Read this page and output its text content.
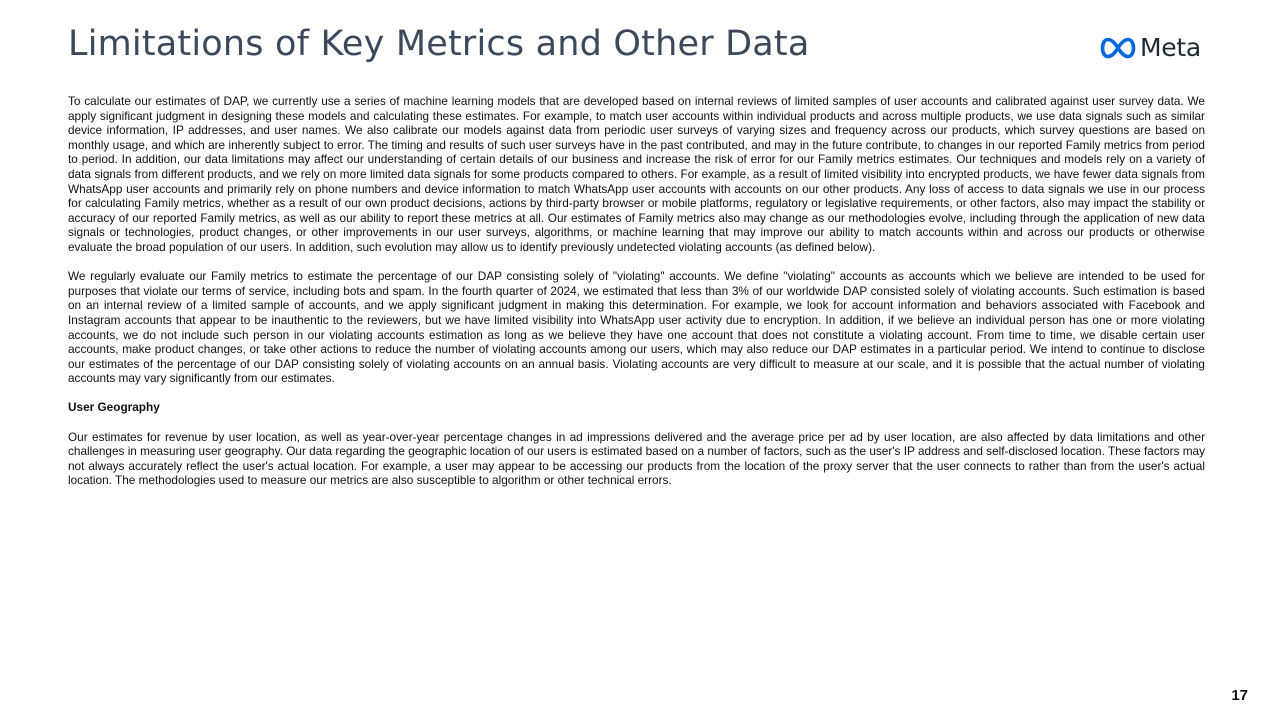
Limitations of Key Metrics and Other Data	Meta

To calculate our estimates of DAP, we currently use a series of machine learning models that are developed based on internal reviews of limited samples of user accounts and calibrated against user survey data. We apply significant judgment in designing these models and calculating these estimates. For example, to match user accounts within individual products and across multiple products, we use data signals such as similar device information, IP addresses, and user names. We also calibrate our models against data from periodic user surveys of varying sizes and frequency across our products, which survey questions are based on monthly usage, and which are inherently subject to error. The timing and results of such user surveys have in the past contributed, and may in the future contribute, to changes in our reported Family metrics from period to period. In addition, our data limitations may affect our understanding of certain details of our business and increase the risk of error for our Family metrics estimates. Our techniques and models rely on a variety of data signals from different products, and we rely on more limited data signals for some products compared to others. For example, as a result of limited visibility into encrypted products, we have fewer data signals from WhatsApp user accounts and primarily rely on phone numbers and device information to match WhatsApp user accounts with accounts on our other products. Any loss of access to data signals we use in our process for calculating Family metrics, whether as a result of our own product decisions, actions by third-party browser or mobile platforms, regulatory or legislative requirements, or other factors, also may impact the stability or accuracy of our reported Family metrics, as well as our ability to report these metrics at all. Our estimates of Family metrics also may change as our methodologies evolve, including through the application of new data signals or technologies, product changes, or other improvements in our user surveys, algorithms, or machine learning that may improve our ability to match accounts within and across our products or otherwise evaluate the broad population of our users. In addition, such evolution may allow us to identify previously undetected violating accounts (as defined below).

We regularly evaluate our Family metrics to estimate the percentage of our DAP consisting solely of "violating" accounts. We define "violating" accounts as accounts which we believe are intended to be used for purposes that violate our terms of service, including bots and spam. In the fourth quarter of 2024, we estimated that less than 3% of our worldwide DAP consisted solely of violating accounts. Such estimation is based on an internal review of a limited sample of accounts, and we apply significant judgment in making this determination. For example, we look for account information and behaviors associated with Facebook and Instagram accounts that appear to be inauthentic to the reviewers, but we have limited visibility into WhatsApp user activity due to encryption. In addition, if we believe an individual person has one or more violating accounts, we do not include such person in our violating accounts estimation as long as we believe they have one account that does not constitute a violating account. From time to time, we disable certain user accounts, make product changes, or take other actions to reduce the number of violating accounts among our users, which may also reduce our DAP estimates in a particular period. We intend to continue to disclose our estimates of the percentage of our DAP consisting solely of violating accounts on an annual basis. Violating accounts are very difficult to measure at our scale, and it is possible that the actual number of violating accounts may vary significantly from our estimates.

User Geography

Our estimates for revenue by user location, as well as year-over-year percentage changes in ad impressions delivered and the average price per ad by user location, are also affected by data limitations and other challenges in measuring user geography. Our data regarding the geographic location of our users is estimated based on a number of factors, such as the user's IP address and self-disclosed location. These factors may not always accurately reflect the user's actual location. For example, a user may appear to be accessing our products from the location of the proxy server that the user connects to rather than from the user's actual location. The methodologies used to measure our metrics are also susceptible to algorithm or other technical errors.

17
